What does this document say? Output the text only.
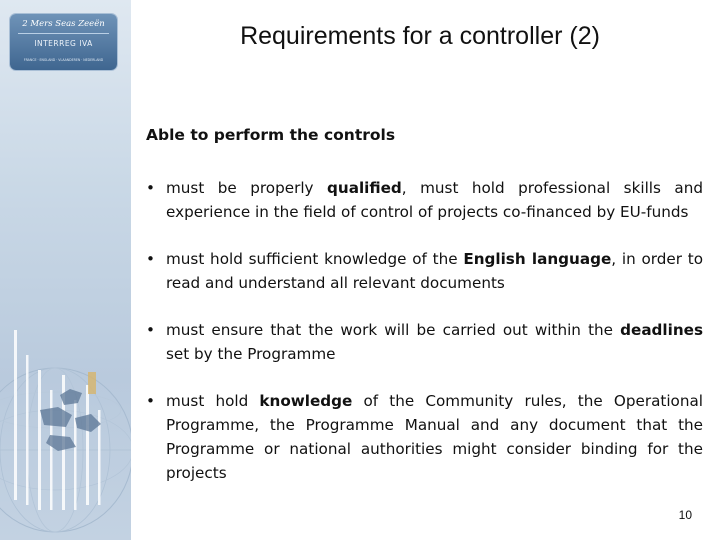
2 Mers Seas Zeeën
INTERREG IVA
FRANCE · ENGLAND · VLAANDEREN · NEDERLAND
Requirements for a controller (2)
Able to perform the controls
• must be properly qualified, must hold professional skills and experience in the field of control of projects co-financed by EU-funds
• must hold sufficient knowledge of the English language, in order to read and understand all relevant documents
• must ensure that the work will be carried out within the deadlines set by the Programme
• must hold knowledge of the Community rules, the Operational Programme, the Programme Manual and any document that the Programme or national authorities might consider binding for the projects
10
